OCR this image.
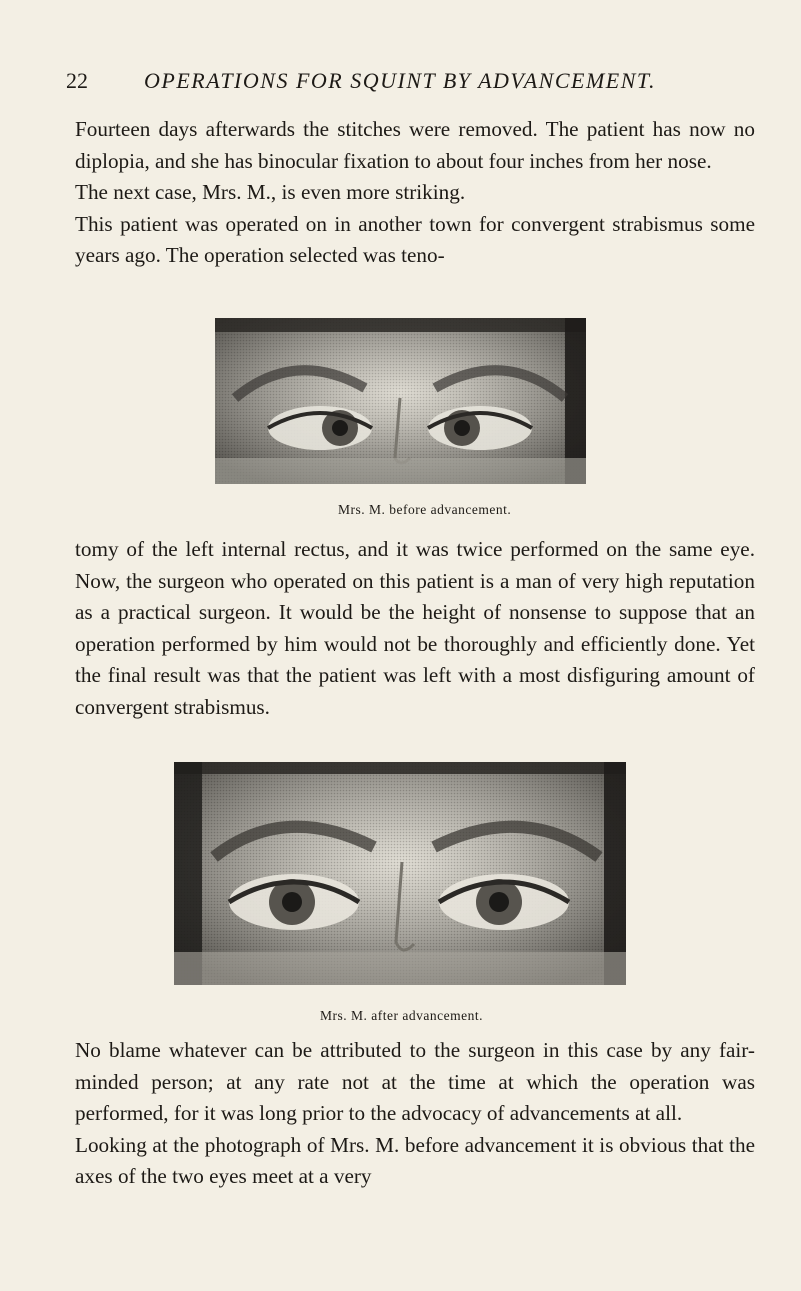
22	OPERATIONS FOR SQUINT BY ADVANCEMENT.

Fourteen days afterwards the stitches were removed. The patient has now no diplopia, and she has binocular fixation to about four inches from her nose.

The next case, Mrs. M., is even more striking.

This patient was operated on in another town for convergent strabismus some years ago. The operation selected was teno-

Mrs. M. before advancement.

tomy of the left internal rectus, and it was twice performed on the same eye. Now, the surgeon who operated on this patient is a man of very high reputation as a practical surgeon. It would be the height of nonsense to suppose that an operation performed by him would not be thoroughly and efficiently done. Yet the final result was that the patient was left with a most disfiguring amount of convergent strabismus.

Mrs. M. after advancement.

No blame whatever can be attributed to the surgeon in this case by any fair-minded person; at any rate not at the time at which the operation was performed, for it was long prior to the advocacy of advancements at all.

Looking at the photograph of Mrs. M. before advancement it is obvious that the axes of the two eyes meet at a very
